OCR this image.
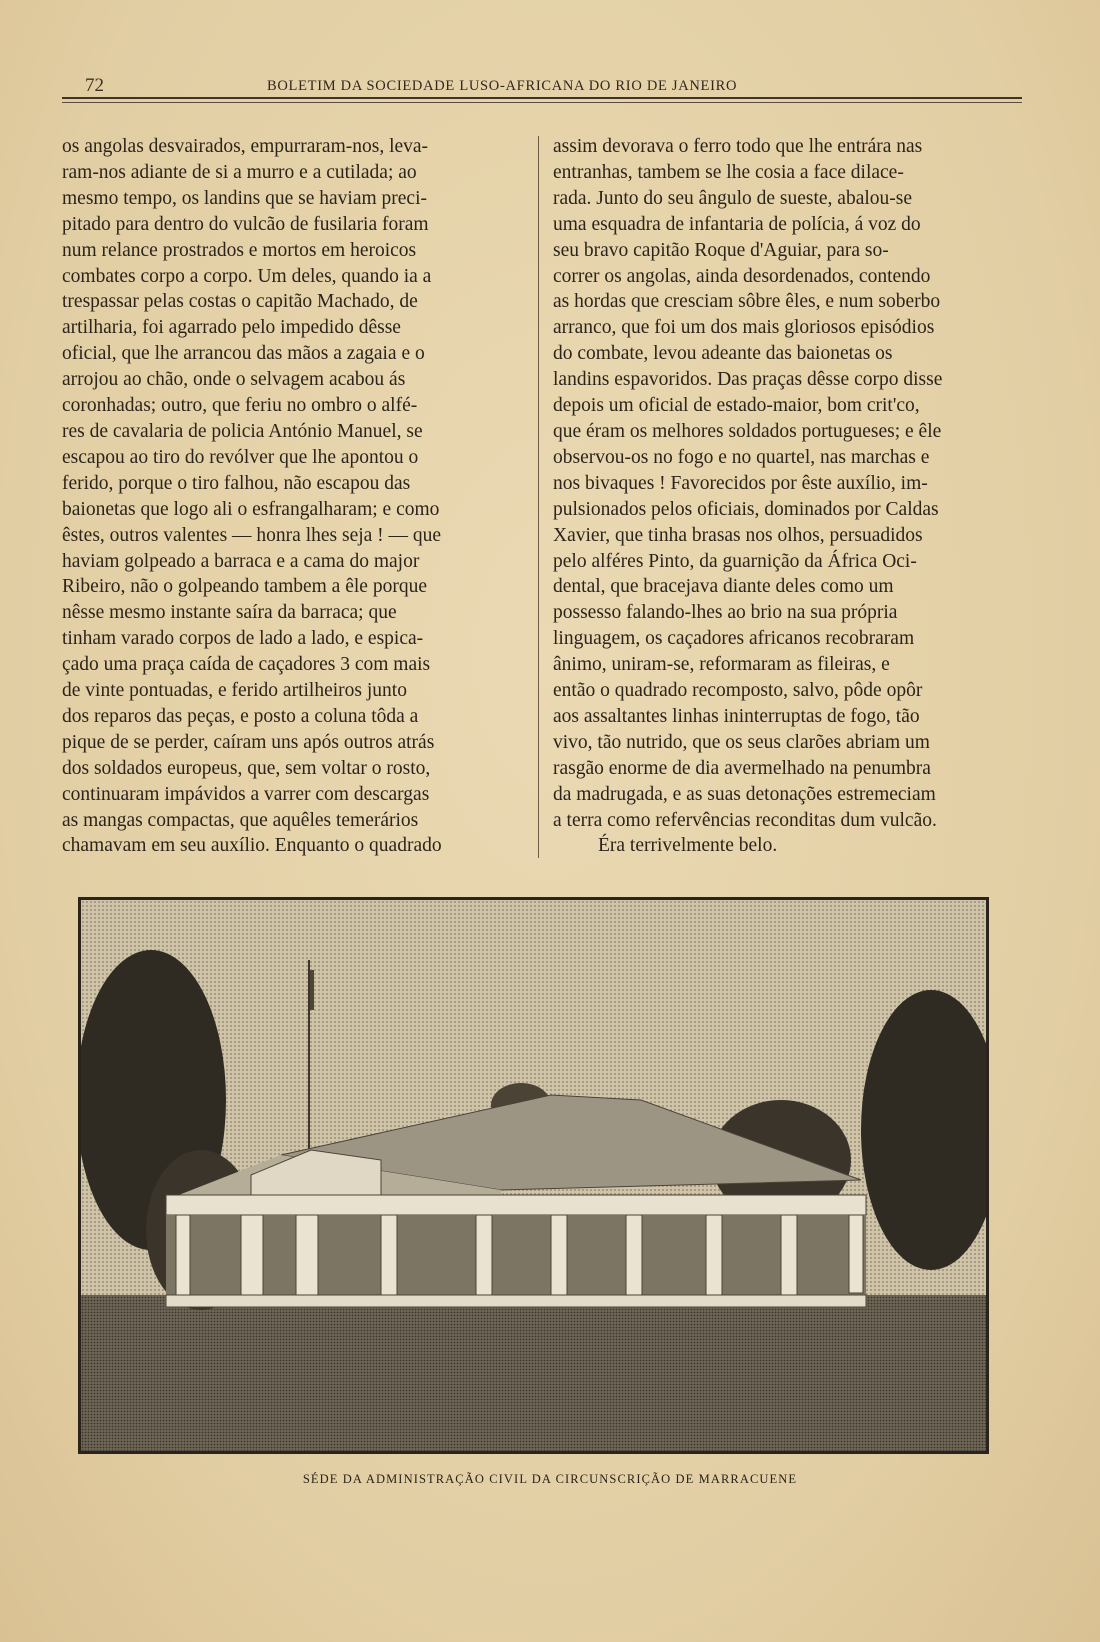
72	BOLETIM DA SOCIEDADE LUSO-AFRICANA DO RIO DE JANEIRO

os angolas desvairados, empurraram-nos, leva-

ram-nos adiante de si a murro e a cutilada; ao

mesmo tempo, os landins que se haviam preci-

pitado para dentro do vulcão de fusilaria foram

num relance prostrados e mortos em heroicos

combates corpo a corpo. Um deles, quando ia a

trespassar pelas costas o capitão Machado, de

artilharia, foi agarrado pelo impedido dêsse

oficial, que lhe arrancou das mãos a zagaia e o

arrojou ao chão, onde o selvagem acabou ás

coronhadas; outro, que feriu no ombro o alfé-

res de cavalaria de policia António Manuel, se

escapou ao tiro do revólver que lhe apontou o

ferido, porque o tiro falhou, não escapou das

baionetas que logo ali o esfrangalharam; e como

êstes, outros valentes — honra lhes seja ! — que

haviam golpeado a barraca e a cama do major

Ribeiro, não o golpeando tambem a êle porque

nêsse mesmo instante saíra da barraca; que

tinham varado corpos de lado a lado, e espica-

çado uma praça caída de caçadores 3 com mais

de vinte pontuadas, e ferido artilheiros junto

dos reparos das peças, e posto a coluna tôda a

pique de se perder, caíram uns após outros atrás

dos soldados europeus, que, sem voltar o rosto,

continuaram impávidos a varrer com descargas

as mangas compactas, que aquêles temerários

chamavam em seu auxílio. Enquanto o quadrado

assim devorava o ferro todo que lhe entrára nas

entranhas, tambem se lhe cosia a face dilace-

rada. Junto do seu ângulo de sueste, abalou-se

uma esquadra de infantaria de polícia, á voz do

seu bravo capitão Roque d'Aguiar, para so-

correr os angolas, ainda desordenados, contendo

as hordas que cresciam sôbre êles, e num soberbo

arranco, que foi um dos mais gloriosos episódios

do combate, levou adeante das baionetas os

landins espavoridos. Das praças dêsse corpo disse

depois um oficial de estado-maior, bom crit'co,

que éram os melhores soldados portugueses; e êle

observou-os no fogo e no quartel, nas marchas e

nos bivaques ! Favorecidos por êste auxílio, im-

pulsionados pelos oficiais, dominados por Caldas

Xavier, que tinha brasas nos olhos, persuadidos

pelo alféres Pinto, da guarnição da África Oci-

dental, que bracejava diante deles como um

possesso falando-lhes ao brio na sua própria

linguagem, os caçadores africanos recobraram

ânimo, uniram-se, reformaram as fileiras, e

então o quadrado recomposto, salvo, pôde opôr

aos assaltantes linhas ininterruptas de fogo, tão

vivo, tão nutrido, que os seus clarões abriam um

rasgão enorme de dia avermelhado na penumbra

da madrugada, e as suas detonações estremeciam

a terra como refervências reconditas dum vulcão.

Éra terrivelmente belo.

SÉDE DA ADMINISTRAÇÃO CIVIL DA CIRCUNSCRIÇÃO DE MARRACUENE
